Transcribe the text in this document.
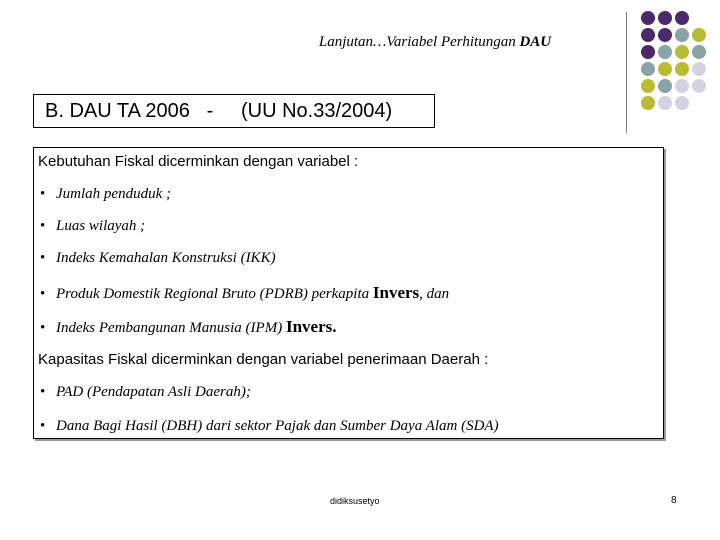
Lanjutan…Variabel Perhitungan DAU
B. DAU TA 2006   -     (UU No.33/2004)
Kebutuhan Fiskal dicerminkan dengan variabel :
• Jumlah penduduk ;
• Luas wilayah ;
• Indeks Kemahalan Konstruksi (IKK)
• Produk Domestik Regional Bruto (PDRB) perkapita Invers, dan
• Indeks Pembangunan Manusia (IPM) Invers.
Kapasitas Fiskal dicerminkan dengan variabel penerimaan Daerah :
• PAD (Pendapatan Asli Daerah);
• Dana Bagi Hasil (DBH) dari sektor Pajak dan Sumber Daya Alam (SDA)
didiksusetyo	8
